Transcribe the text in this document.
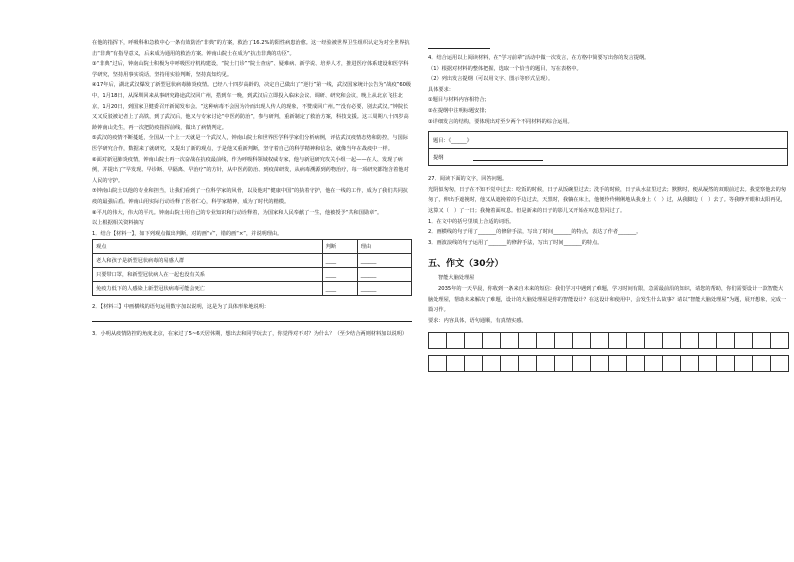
在他的指挥下，呼吸科和急救中心一条有效防治“非典”的方案，救治了16.2%的阳性病患治愈。这一经验被世界卫生组织认定为对全世界抗击“非典”有指导意义，后来成为通用的救治方案。钟南山院士在成为“抗击非典的功臣”。

③“非典”过后，钟南山院士积极为中呼吸医疗机构建设，“院士门诊”“院士查房”、疑难病、新学说、培养人才，推进医疗体系建设和医学科学研究，坚持用事实说话，坚持用实验判断，坚持真知灼见。

④17年后，湖北武汉爆发了新型冠状病毒肺炎疫情。已经八十四岁高龄的，决定自己做出了“逆行”第一线，武汉国家统计公告为“战疫”60级中，1月18日，从深圳回来从事研究路途武汉回广州，搭到车一晚，到武汉后立即投入临床会议、调研、研究和会议，晚上从北京飞往北京，1月20日，到国家卫健委召开新闻发布会。“这种病毒不会因为冷而出现人传人的现象，不赞成回广州。”“没有必要，别去武汉。”钟院长又又反驳被记者上了高铁，到了武汉后，他又与专家讨论“中医药防治”，参与研判，重新制定了救治方案，科技支援。这三周期八十四岁高龄钟南山先生，再一次把防疫指挥前线，做出了病情判定。

⑤武汉的疫情不断蔓延，全国从一个上一天就是一个武汉人，钟南山院士和世界医学科学家们分析病例，评估武汉疫情态势和防控，与国际医学研究合作，数据来了就研究，又提出了新的观点，于是他又重新判断，坚守着自己的科学精神和信念，就像当年在战疫中一样。

⑥面对新冠肺炎疫情，钟南山院士再一次奋战在抗疫最前线，作为呼吸科领域权威专家，他与新冠研究攻关小组一起——在人、发现了病例，并提出了“早发现、早诊断、早隔离、早治疗”的方针，从中医药防治、到疫苗研发，从病毒溯源到药物治疗，每一项研究都饱含着他对人民的守护。

⑦钟南山院士以他的专业和担当，让我们看到了一位科学家的风骨，以及他对“健康中国”的执着守护，他在一线的工作，成为了我们共同抗疫的最强后盾。钟南山用实际行动诠释了医者仁心，科学家精神，成为了时代的楷模。

⑧平凡的伟大，伟大的平凡。钟南山院士用自己的专业知识和行动诠释着，为国家和人民奉献了一生，他被授予“共和国勋章”。

以上根据相关资料摘写

1．结合【材料一】，如下列观点做出判断，对的画“√”，错的画“×”，并说明理由。

观点	判断	理由
老人和孩子是新型冠状病毒的易感人群	____	______
只要带口罩，和新型冠状病人在一起也没有关系	____	______
免疫力低下的人感染上新型冠状病毒可能会死亡	____	______

2．【材料三】中画横线的语句运用数字加以说明，这是为了具体形象地说明：

3．小明从疫情防控的角度北京，在家过了5~6天居休期，想出去和同学玩去了，你觉得对不对？为什么？（至少结合两则材料加以说明）

4．结合运用以上阅读材料，在“学习前辈”活动中做一次发言，在方格中简要写出你的发言提纲。

（1）根据对材料的整体把握，选取一个恰当的题目，写在表格中。

（2）列出发言提纲（可以用文字、图示等形式呈现）。

具体要求：

①题目与材料内容相符合；

②在提纲中注明标题安排；

③详细发言的结构，要体现出对至少两个不同材料的综合运用。

题目：《______》
提纲

27．阅读下面的文字，回答问题。

光阴似匆匆，日子在不知不觉中过去：吃饭的时候，日子从饭碗里过去；洗手的时候，日子从水盆里过去；默默时，便从凝然的双眼前过去。我觉察他去的匆匆了，伸出手遮挽时，他又从遮挽着的手边过去，天黑时，我躺在床上，他便伶伶俐俐地从我身上（　）过，从我脚边（　）去了。等我睁开眼和太阳再见，这算又（　）了一日；我掩着面叹息。但是新来的日子的影儿又开始在叹息里闪过了。

1．在文中的括号里填上合适的词语。

2．画横线的句子用了_______的修辞手法，写出了时间_______的特点，表达了作者_______。

3．画波浪线的句子运用了_______的修辞手法，写出了时间_______的特点。

五、作文（30分）

智能大脑处理屋

2035年的一天早晨，你收到一条来自未来的短信：我们学习中遇到了难题，学习时间有限，急需最前沿的知识，请您的帮助，你们需要设计一款智能大脑处理屋，帮助未来解决了难题，设计的大脑处理屋是你的智能设计？在这设计和使用中，会发生什么故事？请以“智能大脑处理屋”为题，展开想象，完成一篇习作。

要求：内容具体，语句通顺，有真情实感。
